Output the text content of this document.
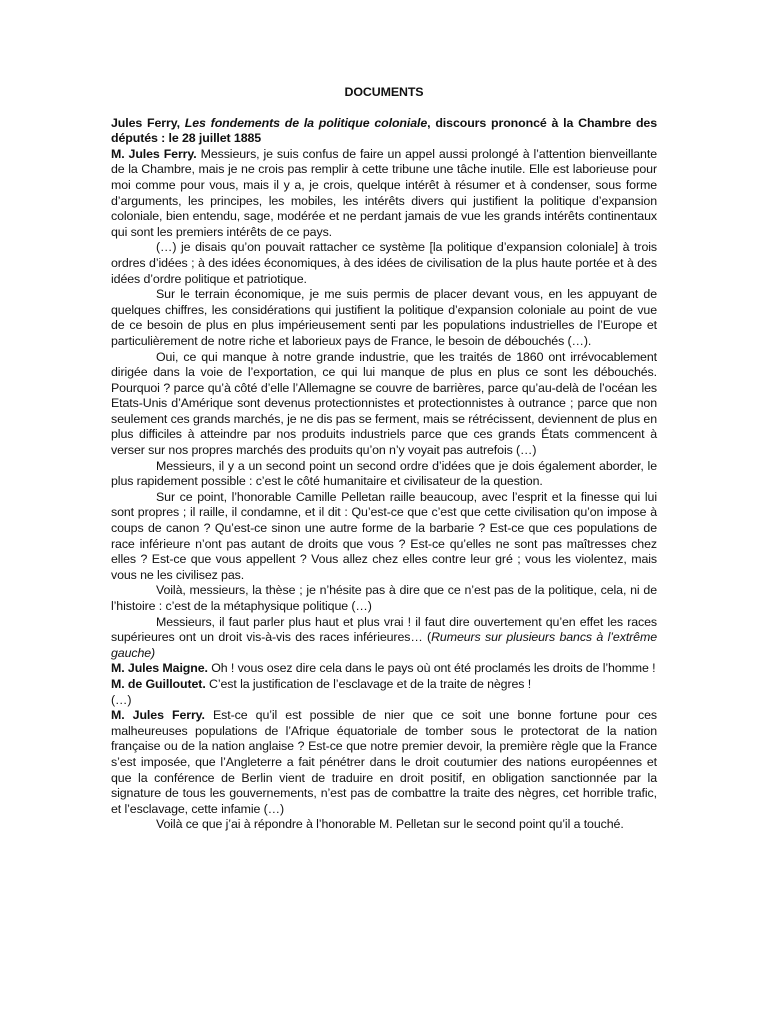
DOCUMENTS

Jules Ferry, Les fondements de la politique coloniale, discours prononcé à la Chambre des députés : le 28 juillet 1885

M. Jules Ferry. Messieurs, je suis confus de faire un appel aussi prolongé à l’attention bienveillante de la Chambre, mais je ne crois pas remplir à cette tribune une tâche inutile. Elle est laborieuse pour moi comme pour vous, mais il y a, je crois, quelque intérêt à résumer et à condenser, sous forme d’arguments, les principes, les mobiles, les intérêts divers qui justifient la politique d’expansion coloniale, bien entendu, sage, modérée et ne perdant jamais de vue les grands intérêts continentaux qui sont les premiers intérêts de ce pays.

(…) je disais qu’on pouvait rattacher ce système [la politique d’expansion coloniale] à trois ordres d’idées ; à des idées économiques, à des idées de civilisation de la plus haute portée et à des idées d’ordre politique et patriotique.

Sur le terrain économique, je me suis permis de placer devant vous, en les appuyant de quelques chiffres, les considérations qui justifient la politique d’expansion coloniale au point de vue de ce besoin de plus en plus impérieusement senti par les populations industrielles de l’Europe et particulièrement de notre riche et laborieux pays de France, le besoin de débouchés (…).

Oui, ce qui manque à notre grande industrie, que les traités de 1860 ont irrévocablement dirigée dans la voie de l’exportation, ce qui lui manque de plus en plus ce sont les débouchés. Pourquoi ? parce qu’à côté d’elle l’Allemagne se couvre de barrières, parce qu’au-delà de l’océan les Etats-Unis d’Amérique sont devenus protectionnistes et protectionnistes à outrance ; parce que non seulement ces grands marchés, je ne dis pas se ferment, mais se rétrécissent, deviennent de plus en plus difficiles à atteindre par nos produits industriels parce que ces grands États commencent à verser sur nos propres marchés des produits qu’on n’y voyait pas autrefois (…)

Messieurs, il y a un second point un second ordre d’idées que je dois également aborder, le plus rapidement possible : c’est le côté humanitaire et civilisateur de la question.

Sur ce point, l’honorable Camille Pelletan raille beaucoup, avec l’esprit et la finesse qui lui sont propres ; il raille, il condamne, et il dit : Qu’est-ce que c’est que cette civilisation qu’on impose à coups de canon ? Qu’est-ce sinon une autre forme de la barbarie ? Est-ce que ces populations de race inférieure n’ont pas autant de droits que vous ? Est-ce qu’elles ne sont pas maîtresses chez elles ? Est-ce que vous appellent ? Vous allez chez elles contre leur gré ; vous les violentez, mais vous ne les civilisez pas.

Voilà, messieurs, la thèse ; je n’hésite pas à dire que ce n’est pas de la politique, cela, ni de l’histoire : c’est de la métaphysique politique (…)

Messieurs, il faut parler plus haut et plus vrai ! il faut dire ouvertement qu’en effet les races supérieures ont un droit vis-à-vis des races inférieures… (Rumeurs sur plusieurs bancs à l’extrême gauche)

M. Jules Maigne. Oh ! vous osez dire cela dans le pays où ont été proclamés les droits de l’homme !

M. de Guilloutet. C’est la justification de l’esclavage et de la traite de nègres !

(…)

M. Jules Ferry. Est-ce qu’il est possible de nier que ce soit une bonne fortune pour ces malheureuses populations de l’Afrique équatoriale de tomber sous le protectorat de la nation française ou de la nation anglaise ? Est-ce que notre premier devoir, la première règle que la France s’est imposée, que l’Angleterre a fait pénétrer dans le droit coutumier des nations européennes et que la conférence de Berlin vient de traduire en droit positif, en obligation sanctionnée par la signature de tous les gouvernements, n’est pas de combattre la traite des nègres, cet horrible trafic, et l’esclavage, cette infamie (…)

Voilà ce que j’ai à répondre à l’honorable M. Pelletan sur le second point qu’il a touché.
